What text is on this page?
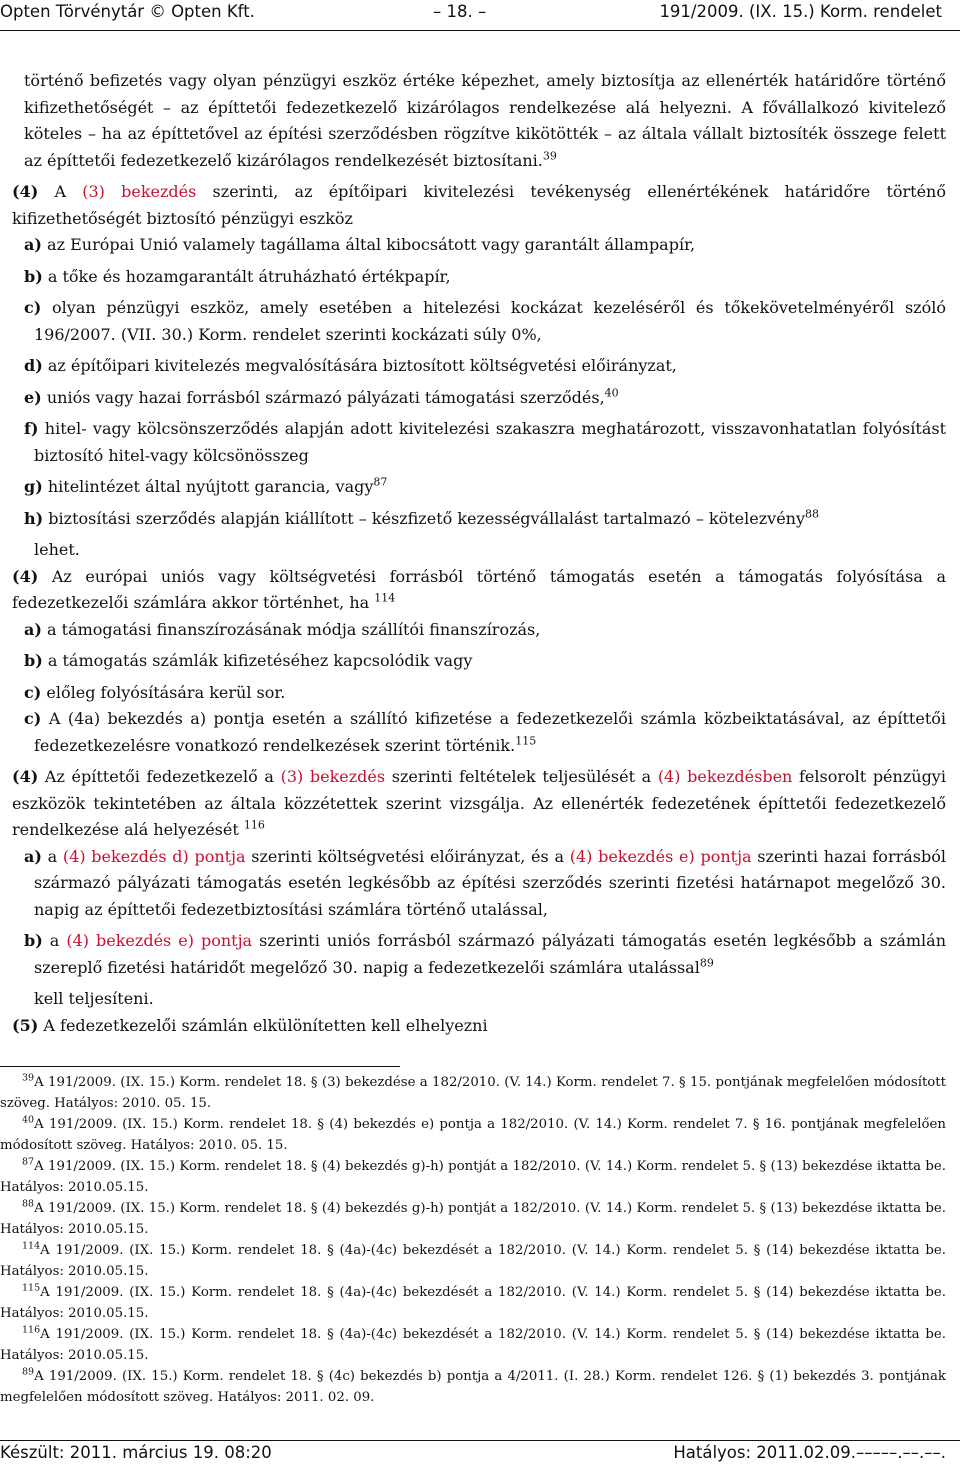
Opten Törvénytár © Opten Kft.	– 18. –	191/2009. (IX. 15.) Korm. rendelet

történő befizetés vagy olyan pénzügyi eszköz értéke képezhet, amely biztosítja az ellenérték határidőre történő kifizethetőségét – az építtetői fedezetkezelő kizárólagos rendelkezése alá helyezni. A fővállalkozó kivitelező köteles – ha az építtetővel az építési szerződésben rögzítve kikötötték – az általa vállalt biztosíték összege felett az építtetői fedezetkezelő kizárólagos rendelkezését biztosítani.$^{39}$

(4) A (3) bekezdés szerinti, az építőipari kivitelezési tevékenység ellenértékének határidőre történő kifizethetőségét biztosító pénzügyi eszköz

a) az Európai Unió valamely tagállama által kibocsátott vagy garantált állampapír,

b) a tőke és hozamgarantált átruházható értékpapír,

c) olyan pénzügyi eszköz, amely esetében a hitelezési kockázat kezeléséről és tőkekövetelményéről szóló 196/2007. (VII. 30.) Korm. rendelet szerinti kockázati súly 0%,

d) az építőipari kivitelezés megvalósítására biztosított költségvetési előirányzat,

e) uniós vagy hazai forrásból származó pályázati támogatási szerződés,$^{40}$

f) hitel- vagy kölcsönszerződés alapján adott kivitelezési szakaszra meghatározott, visszavonhatatlan folyósítást biztosító hitel-vagy kölcsönösszeg

g) hitelintézet által nyújtott garancia, vagy$^{87}$

h) biztosítási szerződés alapján kiállított – készfizető kezességvállalást tartalmazó – kötelezvény$^{88}$

lehet.

(4) Az európai uniós vagy költségvetési forrásból történő támogatás esetén a támogatás folyósítása a fedezetkezelői számlára akkor történhet, ha $^{114}$

a) a támogatási finanszírozásának módja szállítói finanszírozás,

b) a támogatás számlák kifizetéséhez kapcsolódik vagy

c) előleg folyósítására kerül sor.

c) A (4a) bekezdés a) pontja esetén a szállító kifizetése a fedezetkezelői számla közbeiktatásával, az építtetői fedezetkezelésre vonatkozó rendelkezések szerint történik.$^{115}$

(4) Az építtetői fedezetkezelő a (3) bekezdés szerinti feltételek teljesülését a (4) bekezdésben felsorolt pénzügyi eszközök tekintetében az általa közzétettek szerint vizsgálja. Az ellenérték fedezetének építtetői fedezetkezelő rendelkezése alá helyezését $^{116}$

a) a (4) bekezdés d) pontja szerinti költségvetési előirányzat, és a (4) bekezdés e) pontja szerinti hazai forrásból származó pályázati támogatás esetén legkésőbb az építési szerződés szerinti fizetési határnapot megelőző 30. napig az építtetői fedezetbiztosítási számlára történő utalással,

b) a (4) bekezdés e) pontja szerinti uniós forrásból származó pályázati támogatás esetén legkésőbb a számlán szereplő fizetési határidőt megelőző 30. napig a fedezetkezelői számlára utalással$^{89}$

kell teljesíteni.

(5) A fedezetkezelői számlán elkülönítetten kell elhelyezni

$^{39}$A 191/2009. (IX. 15.) Korm. rendelet 18. § (3) bekezdése a 182/2010. (V. 14.) Korm. rendelet 7. § 15. pontjának megfelelően módosított szöveg. Hatályos: 2010. 05. 15.

$^{40}$A 191/2009. (IX. 15.) Korm. rendelet 18. § (4) bekezdés e) pontja a 182/2010. (V. 14.) Korm. rendelet 7. § 16. pontjának megfelelően módosított szöveg. Hatályos: 2010. 05. 15.

$^{87}$A 191/2009. (IX. 15.) Korm. rendelet 18. § (4) bekezdés g)-h) pontját a 182/2010. (V. 14.) Korm. rendelet 5. § (13) bekezdése iktatta be. Hatályos: 2010.05.15.

$^{88}$A 191/2009. (IX. 15.) Korm. rendelet 18. § (4) bekezdés g)-h) pontját a 182/2010. (V. 14.) Korm. rendelet 5. § (13) bekezdése iktatta be. Hatályos: 2010.05.15.

$^{114}$A 191/2009. (IX. 15.) Korm. rendelet 18. § (4a)-(4c) bekezdését a 182/2010. (V. 14.) Korm. rendelet 5. § (14) bekezdése iktatta be. Hatályos: 2010.05.15.

$^{115}$A 191/2009. (IX. 15.) Korm. rendelet 18. § (4a)-(4c) bekezdését a 182/2010. (V. 14.) Korm. rendelet 5. § (14) bekezdése iktatta be. Hatályos: 2010.05.15.

$^{116}$A 191/2009. (IX. 15.) Korm. rendelet 18. § (4a)-(4c) bekezdését a 182/2010. (V. 14.) Korm. rendelet 5. § (14) bekezdése iktatta be. Hatályos: 2010.05.15.

$^{89}$A 191/2009. (IX. 15.) Korm. rendelet 18. § (4c) bekezdés b) pontja a 4/2011. (I. 28.) Korm. rendelet 126. § (1) bekezdés 3. pontjának megfelelően módosított szöveg. Hatályos: 2011. 02. 09.

Készült: 2011. március 19. 08:20	Hatályos: 2011.02.09.–––––.––.––.
